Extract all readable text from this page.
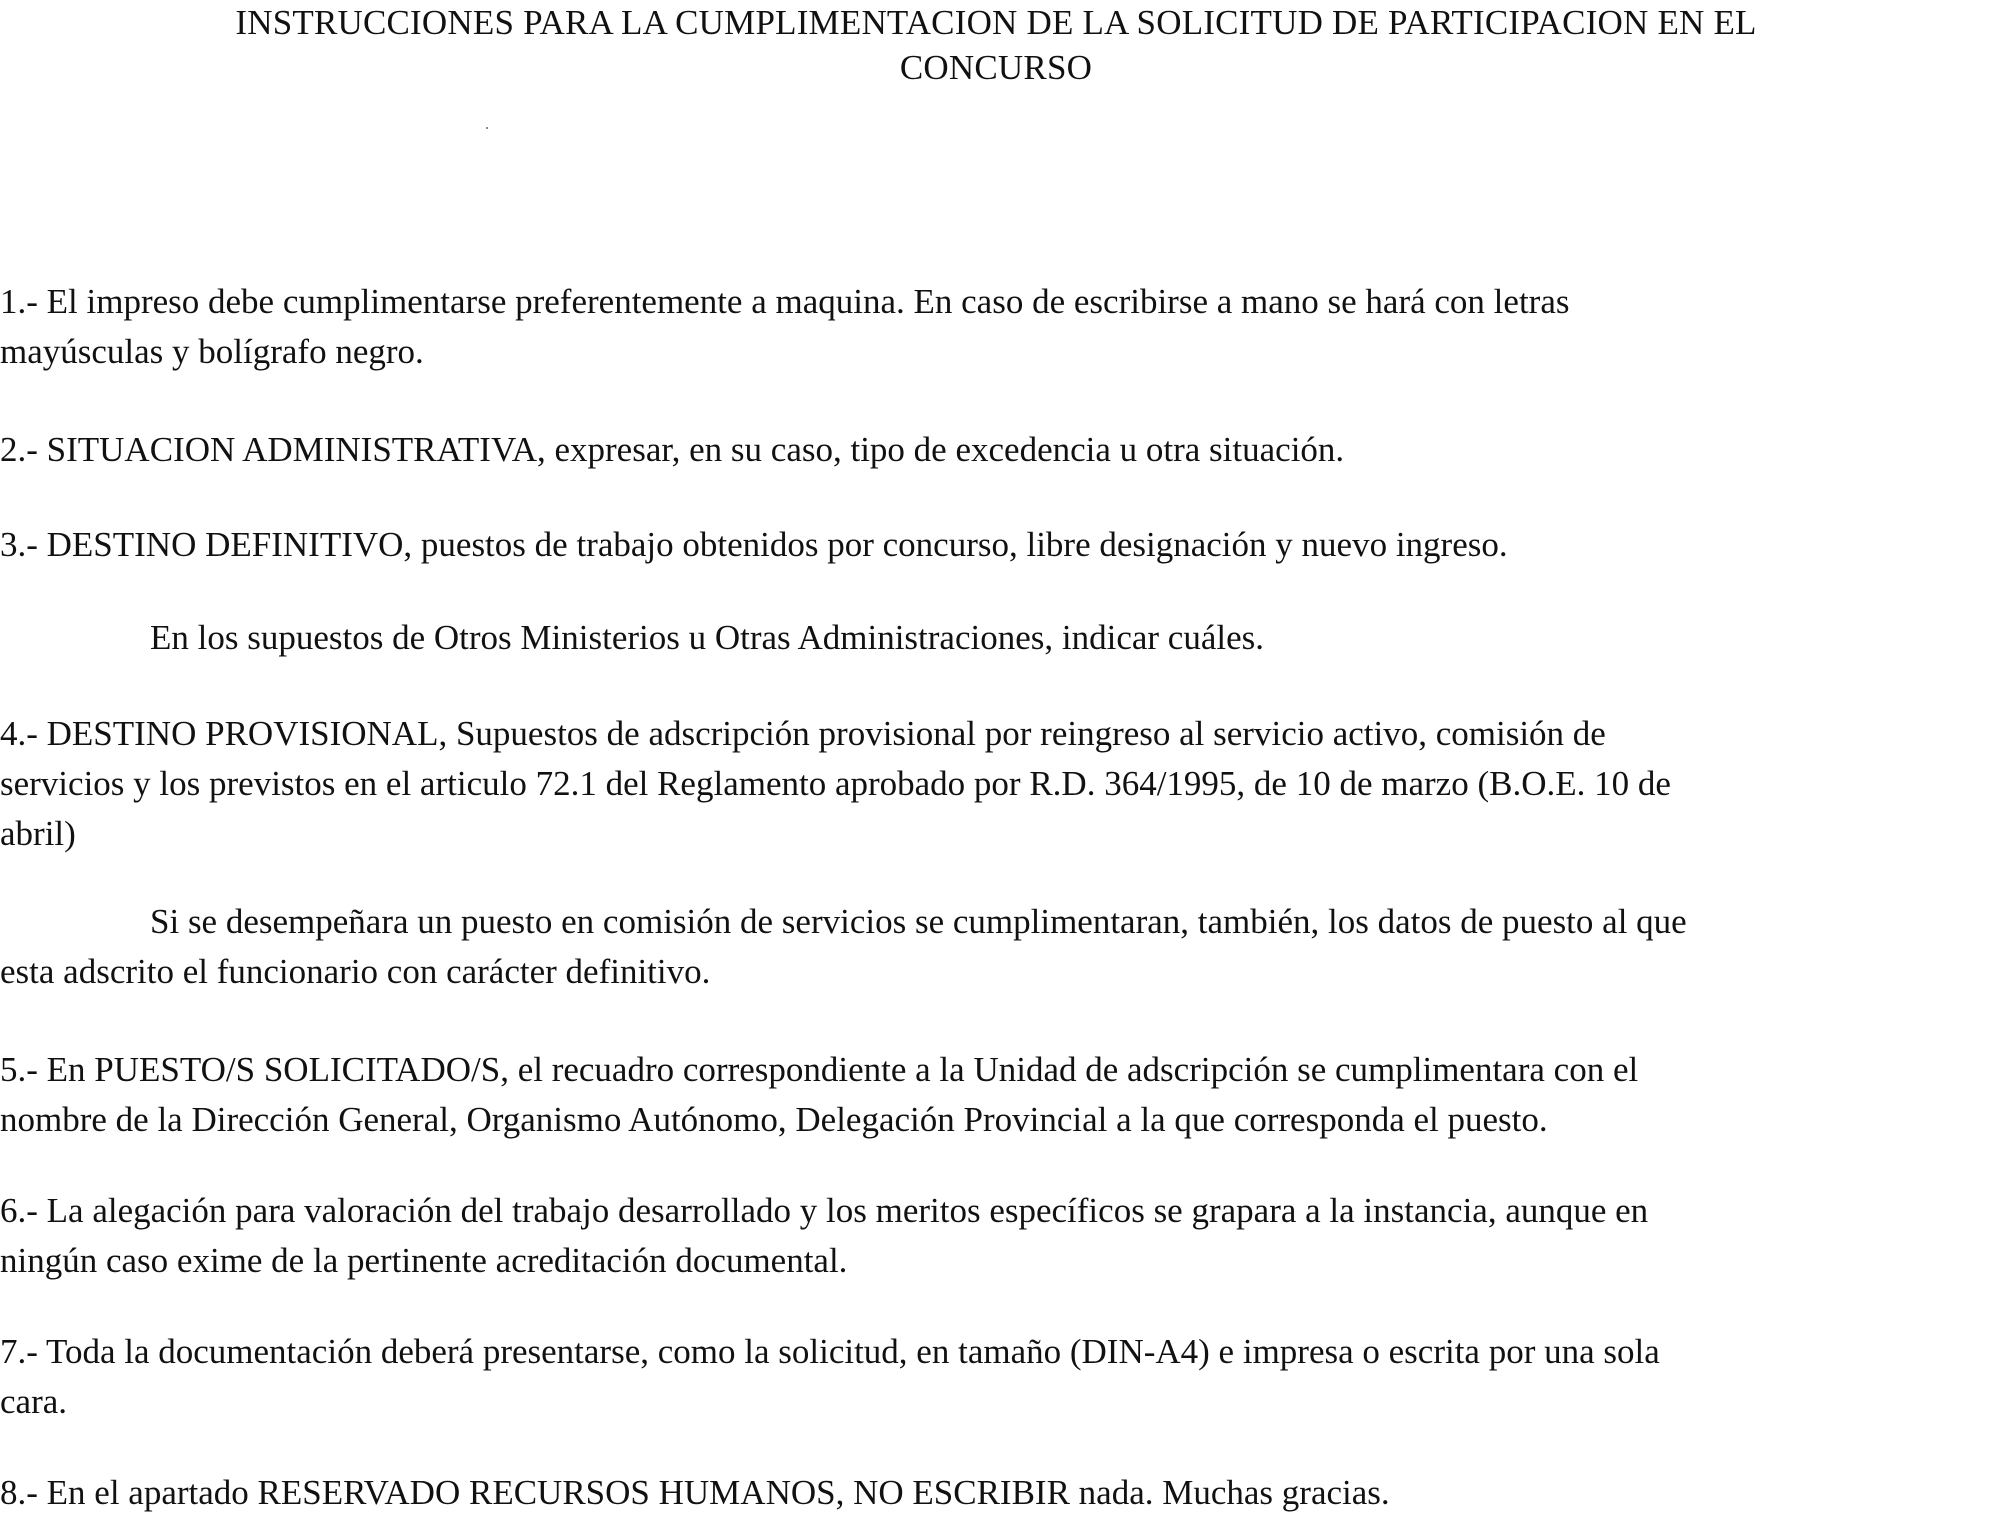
INSTRUCCIONES PARA LA CUMPLIMENTACION DE LA SOLICITUD DE PARTICIPACION EN EL
CONCURSO
1.- El impreso debe cumplimentarse preferentemente a maquina. En caso de escribirse a mano se hará con letras
mayúsculas y bolígrafo negro.
2.- SITUACION ADMINISTRATIVA, expresar, en su caso, tipo de excedencia u otra situación.
3.- DESTINO DEFINITIVO, puestos de trabajo obtenidos por concurso, libre designación y nuevo ingreso.
En los supuestos de Otros Ministerios u Otras Administraciones, indicar cuáles.
4.- DESTINO PROVISIONAL, Supuestos de adscripción provisional por reingreso al servicio activo, comisión de
servicios y los previstos en el articulo 72.1 del Reglamento aprobado por R.D. 364/1995, de 10 de marzo (B.O.E. 10 de
abril)
Si se desempeñara un puesto en comisión de servicios se cumplimentaran, también, los datos de puesto al que
esta adscrito el funcionario con carácter definitivo.
5.- En PUESTO/S SOLICITADO/S, el recuadro correspondiente a la Unidad de adscripción se cumplimentara con el
nombre de la Dirección General, Organismo Autónomo, Delegación Provincial a la que corresponda el puesto.
6.- La alegación para valoración del trabajo desarrollado y los meritos específicos se grapara a la instancia, aunque en
ningún caso exime de la pertinente acreditación documental.
7.- Toda la documentación deberá presentarse, como la solicitud, en tamaño (DIN-A4) e impresa o escrita por una sola
cara.
8.- En el apartado RESERVADO RECURSOS HUMANOS, NO ESCRIBIR nada. Muchas gracias.
